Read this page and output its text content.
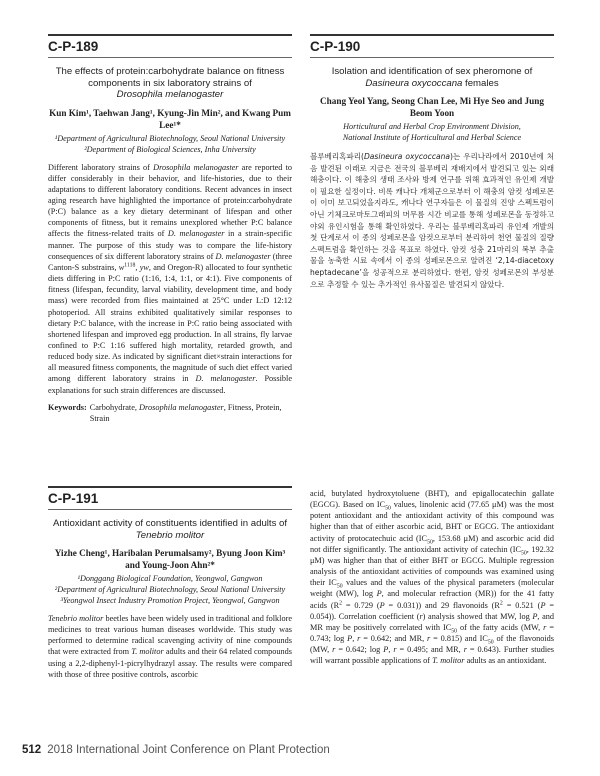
C-P-189
The effects of protein:carbohydrate balance on fitness components in six laboratory strains of
Drosophila melanogaster
Kun Kim¹, Taehwan Jang¹, Kyung-Jin Min², and Kwang Pum Lee¹*
¹Department of Agricultural Biotechnology, Seoul National University
²Department of Biological Sciences, Inha University
Different laboratory strains of Drosophila melanogaster are reported to differ considerably in their behavior, and life-histories, due to their adaptations to different laboratory conditions. Recent advances in insect aging research have highlighted the importance of protein:carbohydrate (P:C) balance as a key dietary determinant of lifespan and other components of fitness, but it remains unexplored whether P:C balance affects the fitness-related traits of D. melanogaster in a strain-specific manner. The purpose of this study was to compare the life-history consequences of six different laboratory strains of D. melanogaster (three Canton-S substrains, $w^{1118}$, yw, and Oregon-R) allocated to four synthetic diets differing in P:C ratio (1:16, 1:4, 1:1, or 4:1). Five components of fitness (lifespan, fecundity, larval viability, development time, and body mass) were recorded from flies maintained at 25°C under L:D 12:12 photoperiod. All strains exhibited qualitatively similar responses to dietary P:C balance, with the increase in P:C ratio being associated with shortened lifespan and improved egg production. In all strains, fly larvae confined to P:C 1:16 suffered high mortality, retarded growth, and reduced body size. As indicated by significant diet×strain interactions for all measured fitness components, the magnitude of such diet effect varied among different laboratory strains in D. melanogaster. Possible explanations for such strain differences are discussed.
Keywords: Carbohydrate, Drosophila melanogaster, Fitness, Protein, Strain
C-P-190
Isolation and identification of sex pheromone of
Dasineura oxycoccana females
Chang Yeol Yang, Seong Chan Lee, Mi Hye Seo and Jung Beom Yoon
Horticultural and Herbal Crop Environment Division,
National Institute of Horticultural and Herbal Science
블루베리혹파리(Dasineura oxycoccana)는 우리나라에서 2010년에 처음 발견된 이래로 지금은 전국의 블루베리 재배지에서 발견되고 있는 외래해충이다. 이 해충의 생태 조사와 방제 연구를 위해 효과적인 유인제 개발이 필요한 실정이다. 비록 캐나다 개체군으로부터 이 해충의 암컷 성페로몬이 이미 보고되었을지라도, 캐나다 연구자들은 이 물질의 진양 스펙트럼이 아닌 기체크로마토그래피의 머무름 시간 비교를 통해 성페로몬을 동정하고 야외 유인시험을 통해 확인하였다. 우리는 블루베리혹파리 유인제 개발의 첫 단계로서 이 종의 성페로몬을 암컷으로부터 분리하여 천연 물질의 질량 스펙트럼을 확인하는 것을 목표로 하였다. 암컷 성충 21마리의 복부 추출물을 농축한 시료 속에서 이 종의 성페로몬으로 알려진 ‘2,14-diacetoxy heptadecane’을 성공적으로 분리하였다. 한편, 암컷 성페로몬의 부성분으로 추정할 수 있는 추가적인 유사물질은 발견되지 않았다.
C-P-191
Antioxidant activity of constituents identified in adults of Tenebrio molitor
Yizhe Cheng¹, Haribalan Perumalsamy², Byung Joon Kim³ and Young-Joon Ahn²*
¹Donggang Biological Foundation, Yeongwol, Gangwon
²Department of Agricultural Biotechnology, Seoul National University
³Yeongwol Insect Industry Promotion Project, Yeongwol, Gangwon
Tenebrio molitor beetles have been widely used in traditional and folklore medicines to treat various human diseases worldwide. This study was performed to determine radical scavenging activity of nine compounds that were extracted from T. molitor adults and their 64 related compounds using a 2,2-diphenyl-1-picrylhydrazyl assay. The results were compared with those of three positive controls, ascorbic
acid, butylated hydroxytoluene (BHT), and epigallocatechin gallate (EGCG). Based on $IC_{50}$ values, linolenic acid (77.65 μM) was the most potent antioxidant and the antioxidant activity of this compound was higher than that of either ascorbic acid, BHT or EGCG. The antioxidant activity of protocatechuic acid ($IC_{50}$, 153.68 μM) and ascorbic acid did not differ significantly. The antioxidant activity of catechin ($IC_{50}$, 192.32 μM) was higher than that of either BHT or EGCG. Multiple regression analysis of the antioxidant activities of compounds was examined using their $IC_{50}$ values and the values of the physical parameters (molecular weight (MW), log P, and molecular refraction (MR)) for the 41 fatty acids ($R^2 = 0.729$ (P = 0.031)) and 29 flavonoids ($R^2 = 0.521$ (P = 0.054)). Correlation coefficient (r) analysis showed that MW, log P, and MR may be positively correlated with $IC_{50}$ of the fatty acids (MW, r = 0.743; log P, r = 0.642; and MR, r = 0.815) and $IC_{50}$ of the flavonoids (MW, r = 0.642; log P, r = 0.495; and MR, r = 0.643). Further studies will warrant possible applications of T. molitor adults as an antioxidant.
512 2018 International Joint Conference on Plant Protection
